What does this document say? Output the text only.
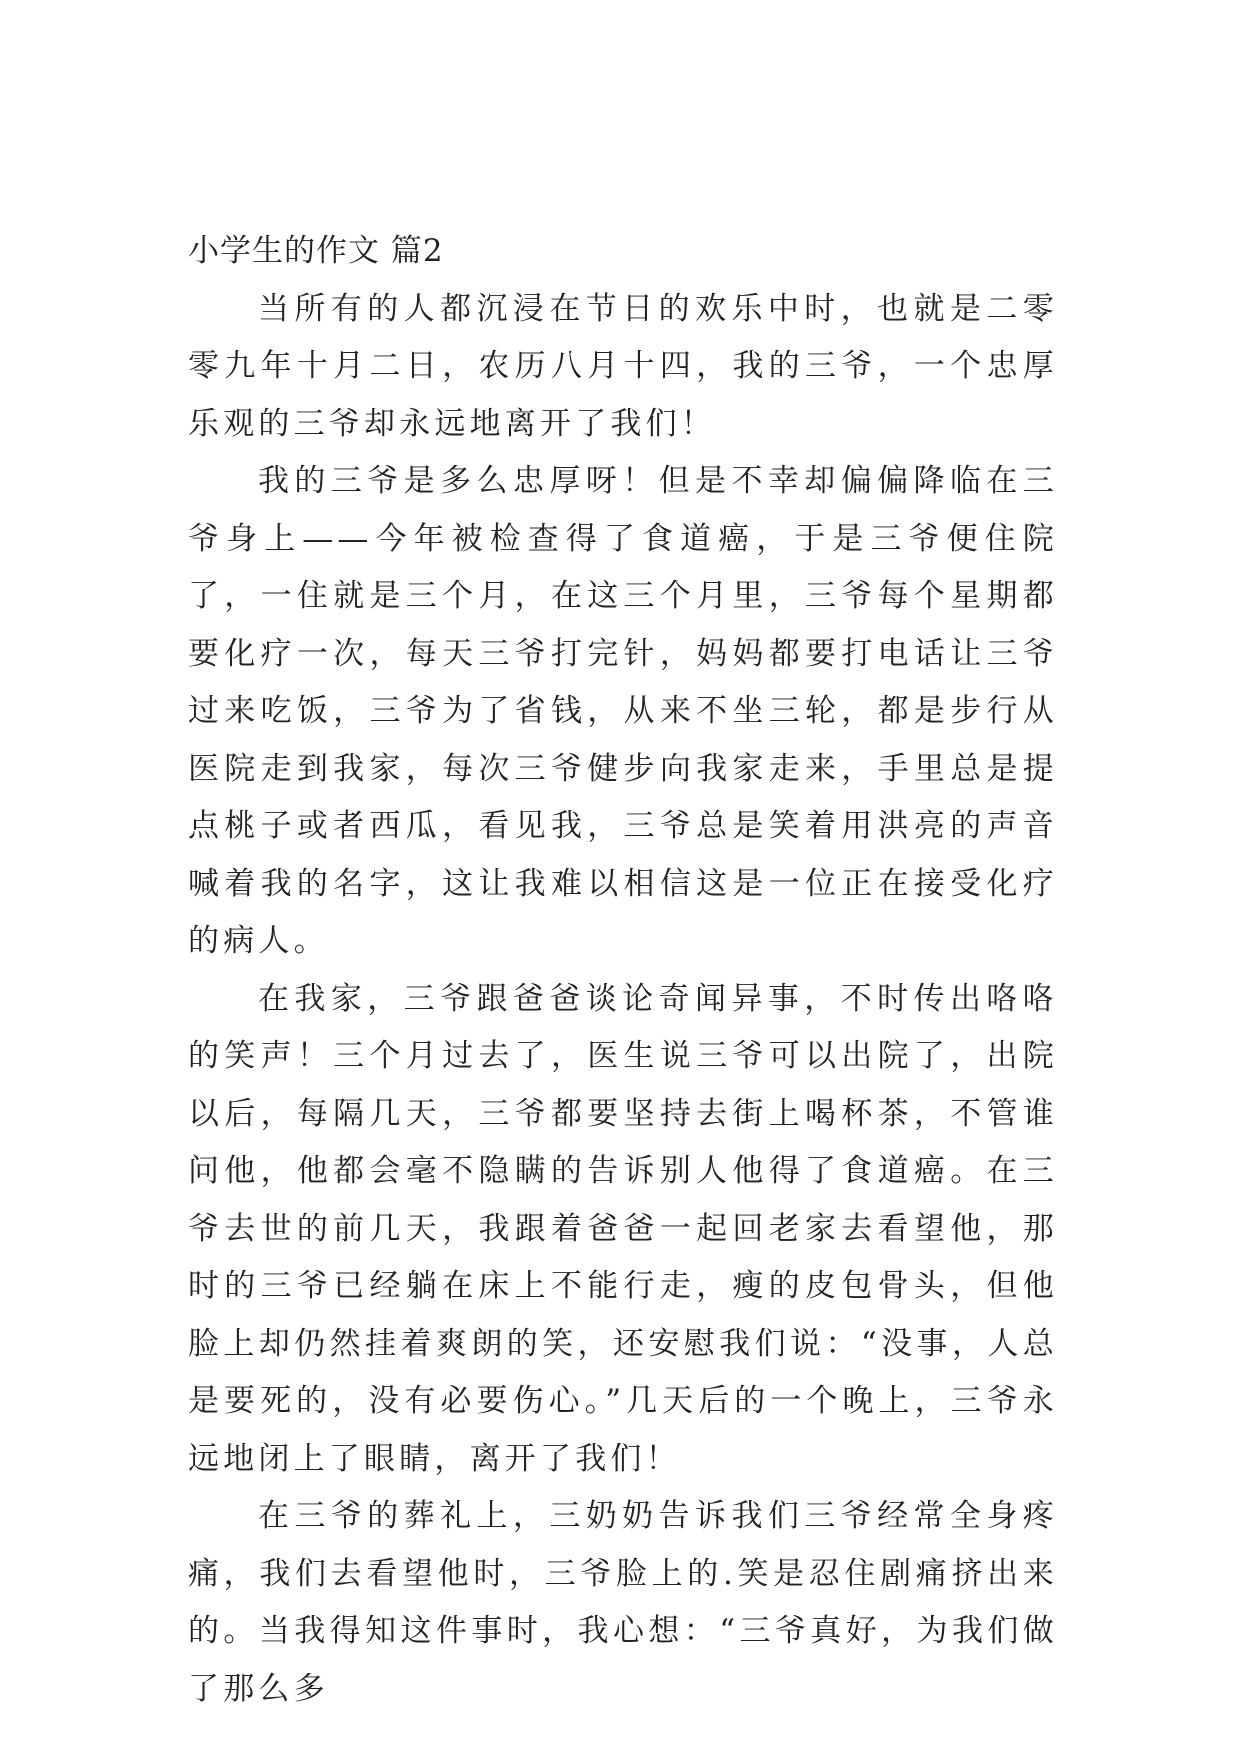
小学生的作文 篇2

当所有的人都沉浸在节日的欢乐中时，也就是二零零九年十月二日，农历八月十四，我的三爷，一个忠厚乐观的三爷却永远地离开了我们！

我的三爷是多么忠厚呀！但是不幸却偏偏降临在三爷身上——今年被检查得了食道癌，于是三爷便住院了，一住就是三个月，在这三个月里，三爷每个星期都要化疗一次，每天三爷打完针，妈妈都要打电话让三爷过来吃饭，三爷为了省钱，从来不坐三轮，都是步行从医院走到我家，每次三爷健步向我家走来，手里总是提点桃子或者西瓜，看见我，三爷总是笑着用洪亮的声音喊着我的名字，这让我难以相信这是一位正在接受化疗的病人。

在我家，三爷跟爸爸谈论奇闻异事，不时传出咯咯的笑声！三个月过去了，医生说三爷可以出院了，出院以后，每隔几天，三爷都要坚持去街上喝杯茶，不管谁问他，他都会毫不隐瞒的告诉别人他得了食道癌。在三爷去世的前几天，我跟着爸爸一起回老家去看望他，那时的三爷已经躺在床上不能行走，瘦的皮包骨头，但他脸上却仍然挂着爽朗的笑，还安慰我们说：“没事，人总是要死的，没有必要伤心。”几天后的一个晚上，三爷永远地闭上了眼睛，离开了我们！

在三爷的葬礼上，三奶奶告诉我们三爷经常全身疼痛，我们去看望他时，三爷脸上的.笑是忍住剧痛挤出来的。当我得知这件事时，我心想：“三爷真好，为我们做了那么多
